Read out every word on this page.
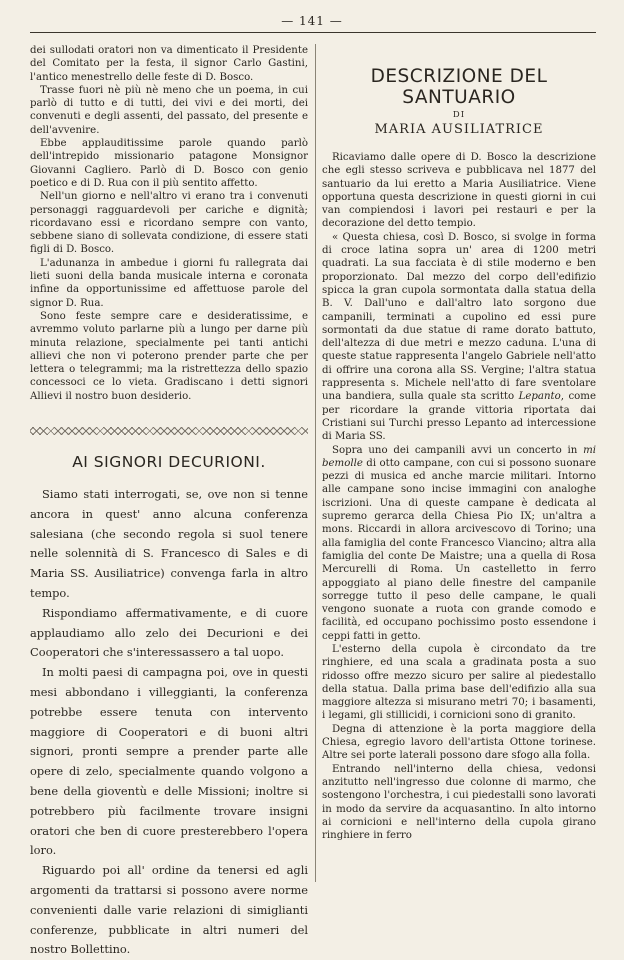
— 141 —

dei sullodati oratori non va dimenticato il Presidente del Comitato per la festa, il signor Carlo Gastini, l'antico menestrello delle feste di D. Bosco.

Trasse fuori nè più nè meno che un poema, in cui parlò di tutto e di tutti, dei vivi e dei morti, dei convenuti e degli assenti, del passato, del presente e dell'avvenire.

Ebbe applauditissime parole quando parlò dell'intrepido missionario patagone Monsignor Giovanni Cagliero. Parlò di D. Bosco con genio poetico e di D. Rua con il più sentito affetto.

Nell'un giorno e nell'altro vi erano tra i convenuti personaggi ragguardevoli per cariche e dignità; ricordavano essi e ricordano sempre con vanto, sebbene siano di sollevata condizione, di essere stati figli di D. Bosco.

L'adunanza in ambedue i giorni fu rallegrata dai lieti suoni della banda musicale interna e coronata infine da opportunissime ed affettuose parole del signor D. Rua.

Sono feste sempre care e desideratissime, e avremmo voluto parlarne più a lungo per darne più minuta relazione, specialmente pei tanti antichi allievi che non vi poterono prender parte che per lettera o telegrammi; ma la ristrettezza dello spazio concessoci ce lo vieta. Gradiscano i detti signori Allievi il nostro buon desiderio.

AI SIGNORI DECURIONI.

Siamo stati interrogati, se, ove non si tenne ancora in quest' anno alcuna conferenza salesiana (che secondo regola si suol tenere nelle solennità di S. Francesco di Sales e di Maria SS. Ausiliatrice) convenga farla in altro tempo.

Rispondiamo affermativamente, e di cuore applaudiamo allo zelo dei Decurioni e dei Cooperatori che s'interessassero a tal uopo.

In molti paesi di campagna poi, ove in questi mesi abbondano i villeggianti, la conferenza potrebbe essere tenuta con intervento maggiore di Cooperatori e di buoni altri signori, pronti sempre a prender parte alle opere di zelo, specialmente quando volgono a bene della gioventù e delle Missioni; inoltre si potrebbero più facilmente trovare insigni oratori che ben di cuore presterebbero l'opera loro.

Riguardo poi all' ordine da tenersi ed agli argomenti da trattarsi si possono avere norme convenienti dalle varie relazioni di simiglianti conferenze, pubblicate in altri numeri del nostro Bollettino.

DESCRIZIONE DEL SANTUARIO
DI
MARIA AUSILIATRICE

Ricaviamo dalle opere di D. Bosco la descrizione che egli stesso scriveva e pubblicava nel 1877 del santuario da lui eretto a Maria Ausiliatrice. Viene opportuna questa descrizione in questi giorni in cui van compiendosi i lavori pei restauri e per la decorazione del detto tempio.

« Questa chiesa, così D. Bosco, si svolge in forma di croce latina sopra un' area di 1200 metri quadrati. La sua facciata è di stile moderno e ben proporzionato. Dal mezzo del corpo dell'edifizio spicca la gran cupola sormontata dalla statua della B. V. Dall'uno e dall'altro lato sorgono due campanili, terminati a cupolino ed essi pure sormontati da due statue di rame dorato battuto, dell'altezza di due metri e mezzo caduna. L'una di queste statue rappresenta l'angelo Gabriele nell'atto di offrire una corona alla SS. Vergine; l'altra statua rappresenta s. Michele nell'atto di fare sventolare una bandiera, sulla quale sta scritto Lepanto, come per ricordare la grande vittoria riportata dai Cristiani sui Turchi presso Lepanto ad intercessione di Maria SS.

Sopra uno dei campanili avvi un concerto in mi bemolle di otto campane, con cui si possono suonare pezzi di musica ed anche marcie militari. Intorno alle campane sono incise immagini con analoghe iscrizioni. Una di queste campane è dedicata al supremo gerarca della Chiesa Pio IX; un'altra a mons. Riccardi in allora arcivescovo di Torino; una alla famiglia del conte Francesco Viancino; altra alla famiglia del conte De Maistre; una a quella di Rosa Mercurelli di Roma. Un castelletto in ferro appoggiato al piano delle finestre del campanile sorregge tutto il peso delle campane, le quali vengono suonate a ruota con grande comodo e facilità, ed occupano pochissimo posto essendone i ceppi fatti in getto.

L'esterno della cupola è circondato da tre ringhiere, ed una scala a gradinata posta a suo ridosso offre mezzo sicuro per salire al piedestallo della statua. Dalla prima base dell'edifizio alla sua maggiore altezza si misurano metri 70; i basamenti, i legami, gli stillicidi, i cornicioni sono di granito.

Degna di attenzione è la porta maggiore della Chiesa, egregio lavoro dell'artista Ottone torinese. Altre sei porte laterali possono dare sfogo alla folla.

Entrando nell'interno della chiesa, vedonsi anzitutto nell'ingresso due colonne di marmo, che sostengono l'orchestra, i cui piedestalli sono lavorati in modo da servire da acquasantino. In alto intorno ai cornicioni e nell'interno della cupola girano ringhiere in ferro
